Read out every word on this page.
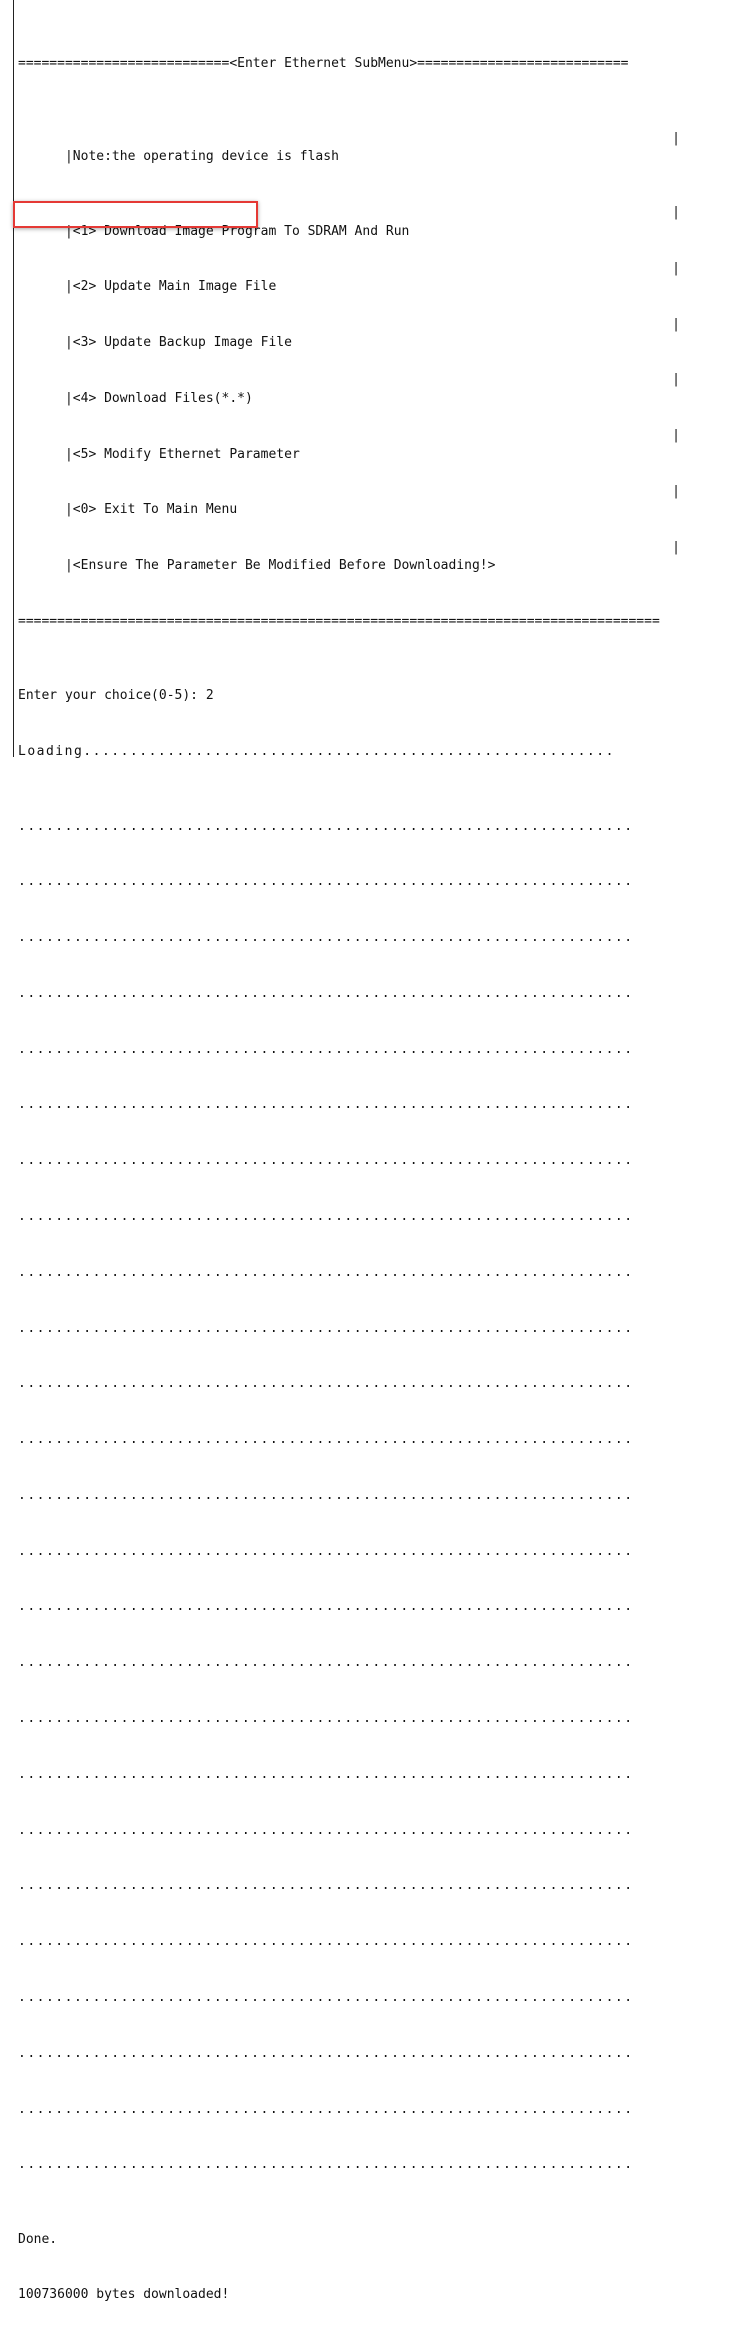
===========================<Enter Ethernet SubMenu>===========================

|Note:the operating device is flash
|

|<1> Download Image Program To SDRAM And Run
|

|<2> Update Main Image File
|

|<3> Update Backup Image File
|

|<4> Download Files(*.*)
|

|<5> Modify Ethernet Parameter
|

|<0> Exit To Main Menu
|

|<Ensure The Parameter Be Modified Before Downloading!>
|

==================================================================================

Enter your choice(0-5): 2

Loading.........................................................

..................................................................

..................................................................

..................................................................

..................................................................

..................................................................

..................................................................

..................................................................

..................................................................

..................................................................

..................................................................

..................................................................

..................................................................

..................................................................

..................................................................

..................................................................

..................................................................

..................................................................

..................................................................

..................................................................

..................................................................

..................................................................

..................................................................

..................................................................

..................................................................

..................................................................

Done.

100736000 bytes downloaded!
